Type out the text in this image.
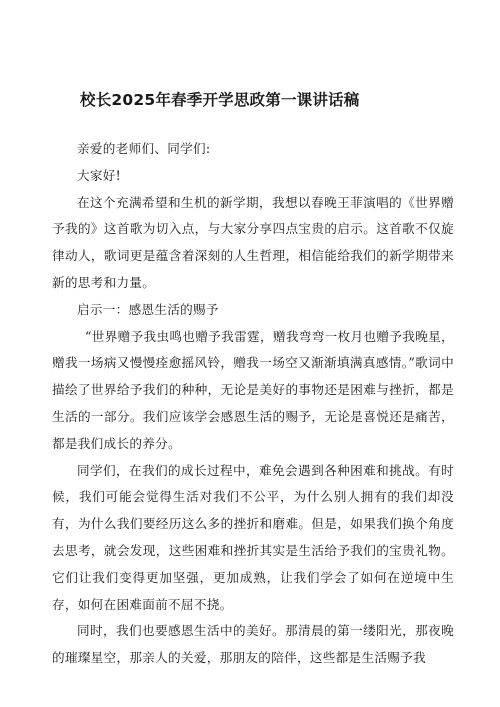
校长2025年春季开学思政第一课讲话稿

亲爱的老师们、同学们:

大家好!

在这个充满希望和生机的新学期，我想以春晚王菲演唱的《世界赠予我的》这首歌为切入点，与大家分享四点宝贵的启示。这首歌不仅旋律动人，歌词更是蕴含着深刻的人生哲理，相信能给我们的新学期带来新的思考和力量。

启示一：感恩生活的赐予

“世界赠予我虫鸣也赠予我雷霆，赠我弯弯一枚月也赠予我晚星，赠我一场病又慢慢痊愈摇风铃，赠我一场空又渐渐填满真感情。”歌词中描绘了世界给予我们的种种，无论是美好的事物还是困难与挫折，都是生活的一部分。我们应该学会感恩生活的赐予，无论是喜悦还是痛苦，都是我们成长的养分。

同学们，在我们的成长过程中，难免会遇到各种困难和挑战。有时候，我们可能会觉得生活对我们不公平，为什么别人拥有的我们却没有，为什么我们要经历这么多的挫折和磨难。但是，如果我们换个角度去思考，就会发现，这些困难和挫折其实是生活给予我们的宝贵礼物。它们让我们变得更加坚强，更加成熟，让我们学会了如何在逆境中生存，如何在困难面前不屈不挠。

同时，我们也要感恩生活中的美好。那清晨的第一缕阳光，那夜晚的璀璨星空，那亲人的关爱，那朋友的陪伴，这些都是生活赐予我
